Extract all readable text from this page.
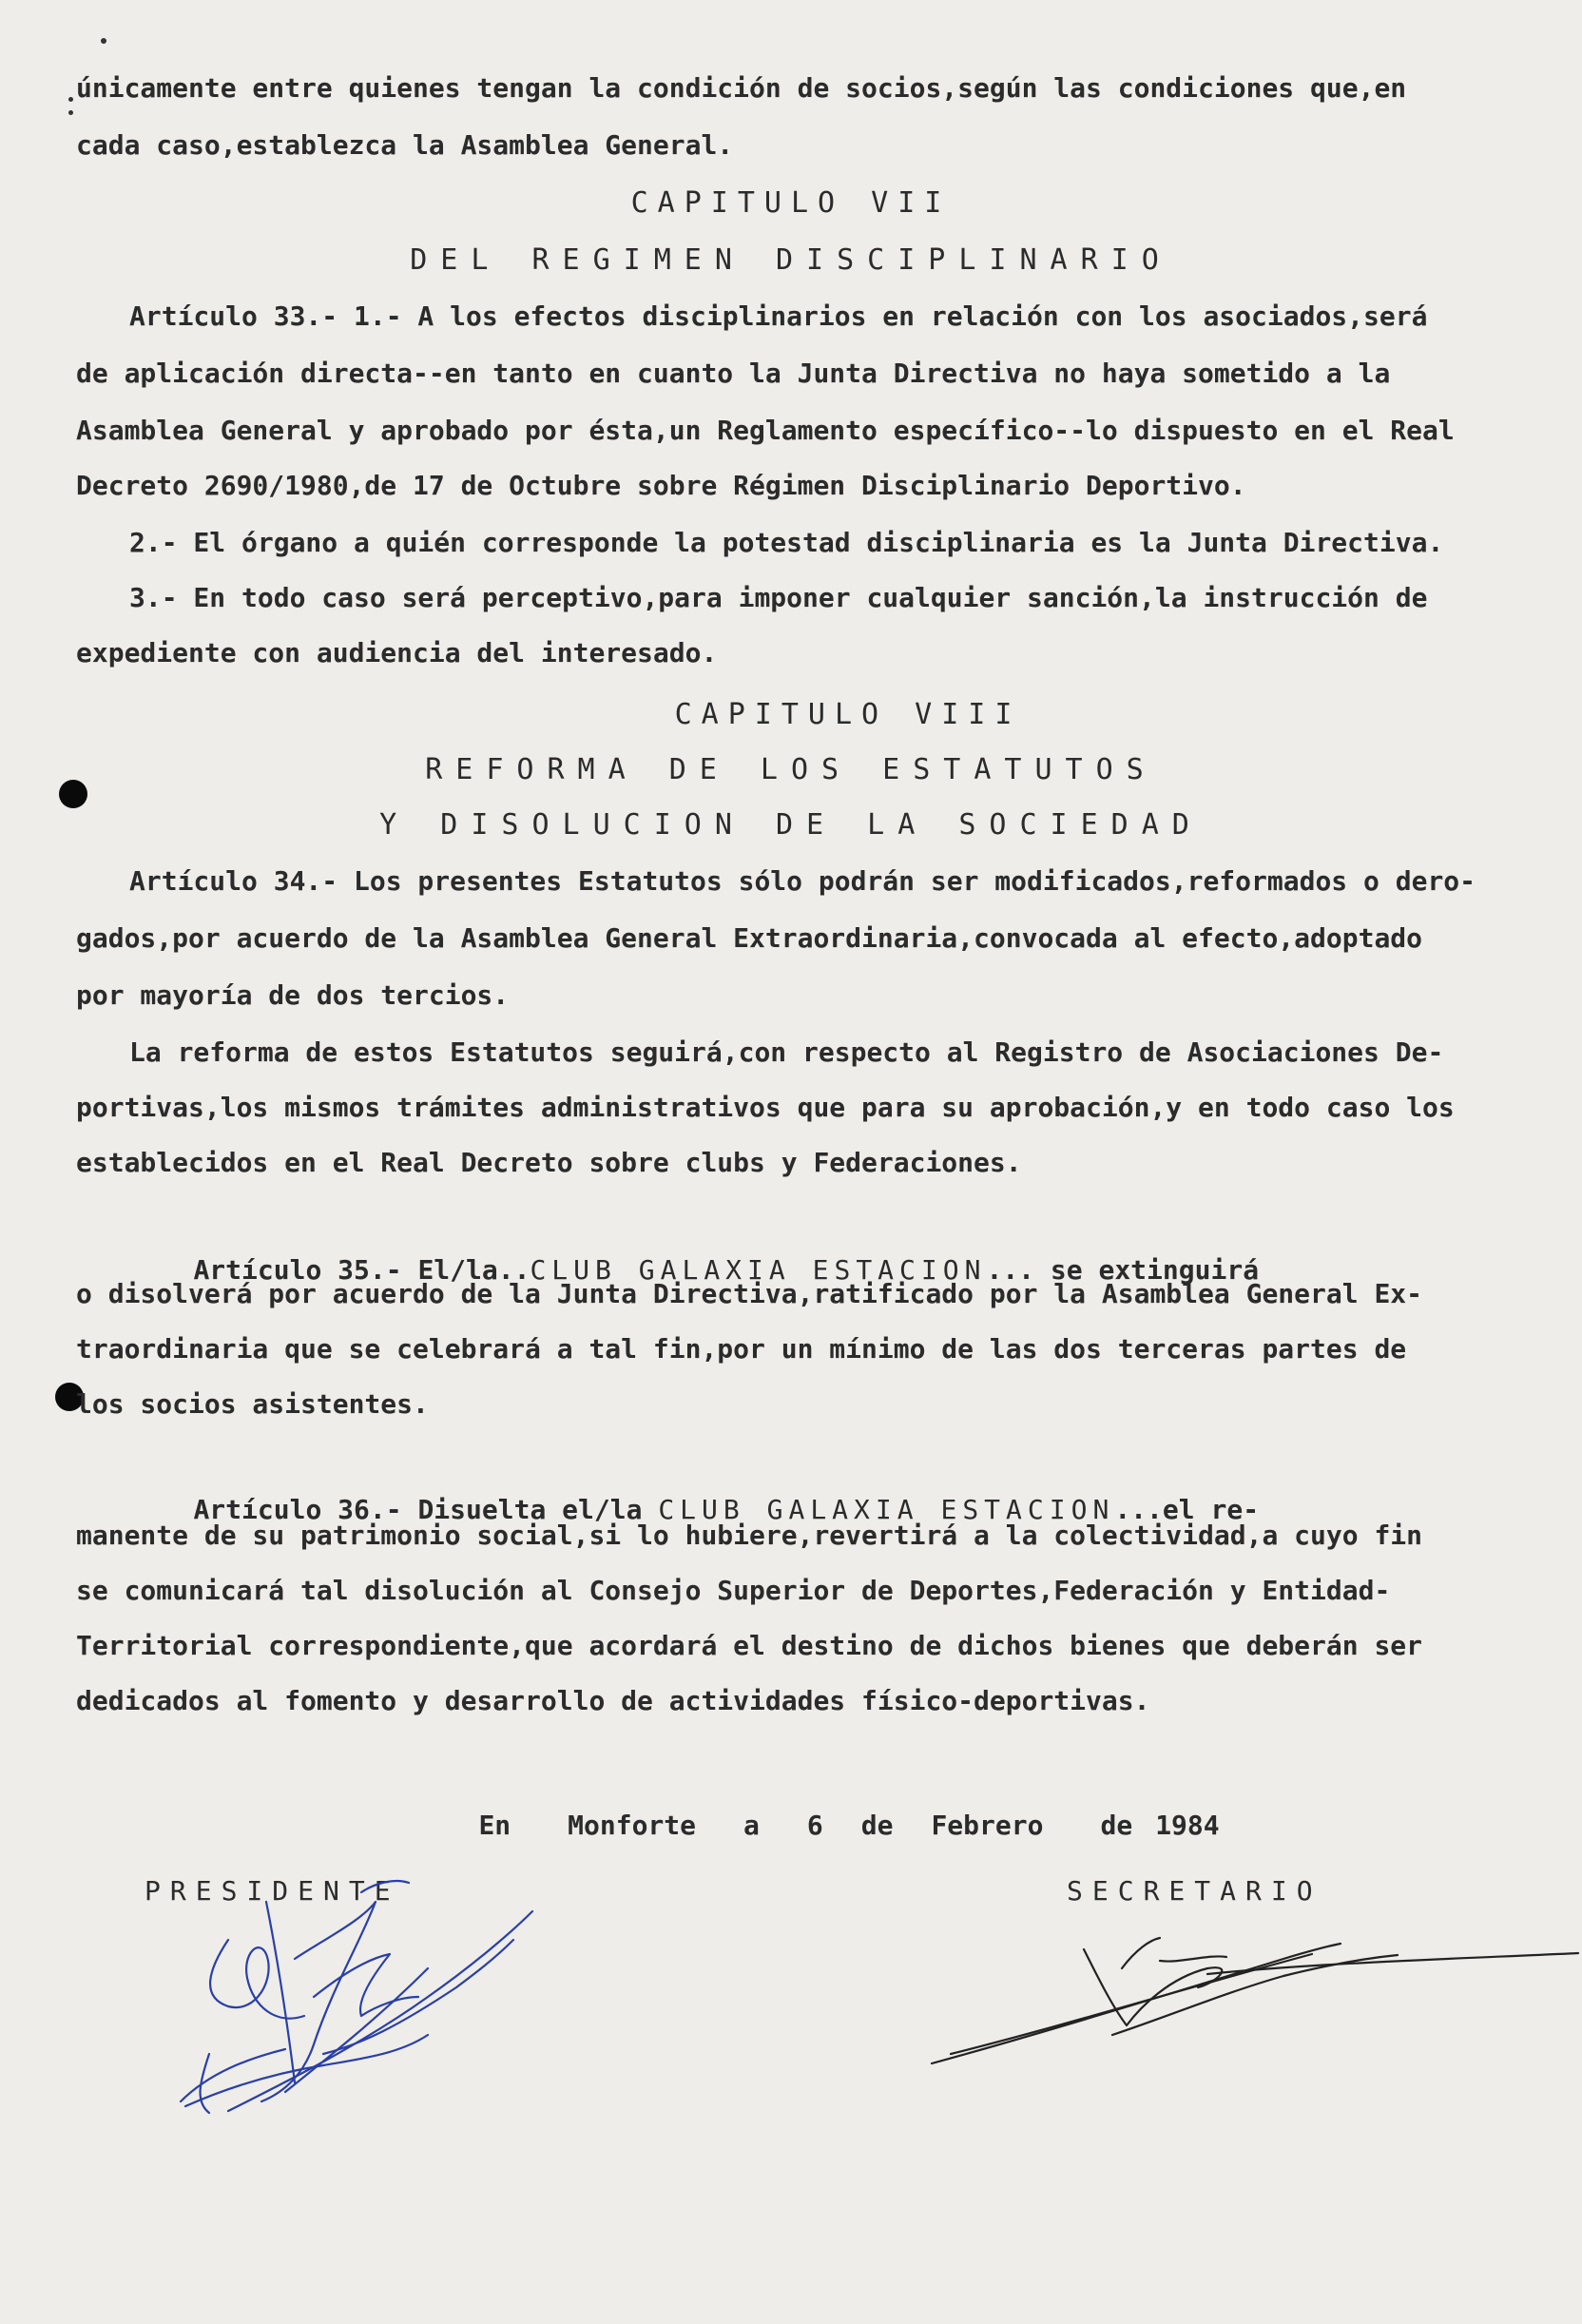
únicamente entre quienes tengan la condición de socios,según las condiciones que,en
cada caso,establezca la Asamblea General.
CAPITULO VII
DEL REGIMEN DISCIPLINARIO
Artículo 33.- 1.- A los efectos disciplinarios en relación con los asociados,será
de aplicación directa--en tanto en cuanto la Junta Directiva no haya sometido a la
Asamblea General y aprobado por ésta,un Reglamento específico--lo dispuesto en el Real
Decreto 2690/1980,de 17 de Octubre sobre Régimen Disciplinario Deportivo.
2.- El órgano a quién corresponde la potestad disciplinaria es la Junta Directiva.
3.- En todo caso será perceptivo,para imponer cualquier sanción,la instrucción de
expediente con audiencia del interesado.
CAPITULO VIII
REFORMA DE LOS ESTATUTOS
Y DISOLUCION DE LA SOCIEDAD
Artículo 34.- Los presentes Estatutos sólo podrán ser modificados,reformados o dero-
gados,por acuerdo de la Asamblea General Extraordinaria,convocada al efecto,adoptado
por mayoría de dos tercios.
La reforma de estos Estatutos seguirá,con respecto al Registro de Asociaciones De-
portivas,los mismos trámites administrativos que para su aprobación,y en todo caso los
establecidos en el Real Decreto sobre clubs y Federaciones.

Artículo 35.- El/la..CLUB GALAXIA ESTACION... se extinguirá

o disolverá por acuerdo de la Junta Directiva,ratificado por la Asamblea General Ex-
traordinaria que se celebrará a tal fin,por un mínimo de las dos terceras partes de
los socios asistentes.

Artículo 36.- Disuelta el/la CLUB GALAXIA ESTACION...el re-

manente de su patrimonio social,si lo hubiere,revertirá a la colectividad,a cuyo fin
se comunicará tal disolución al Consejo Superior de Deportes,Federación y Entidad-
Territorial correspondiente,que acordará el destino de dichos bienes que deberán ser
dedicados al fomento y desarrollo de actividades físico-deportivas.

En Monforte a 6 de Febrero de 1984

PRESIDENTE	SECRETARIO
